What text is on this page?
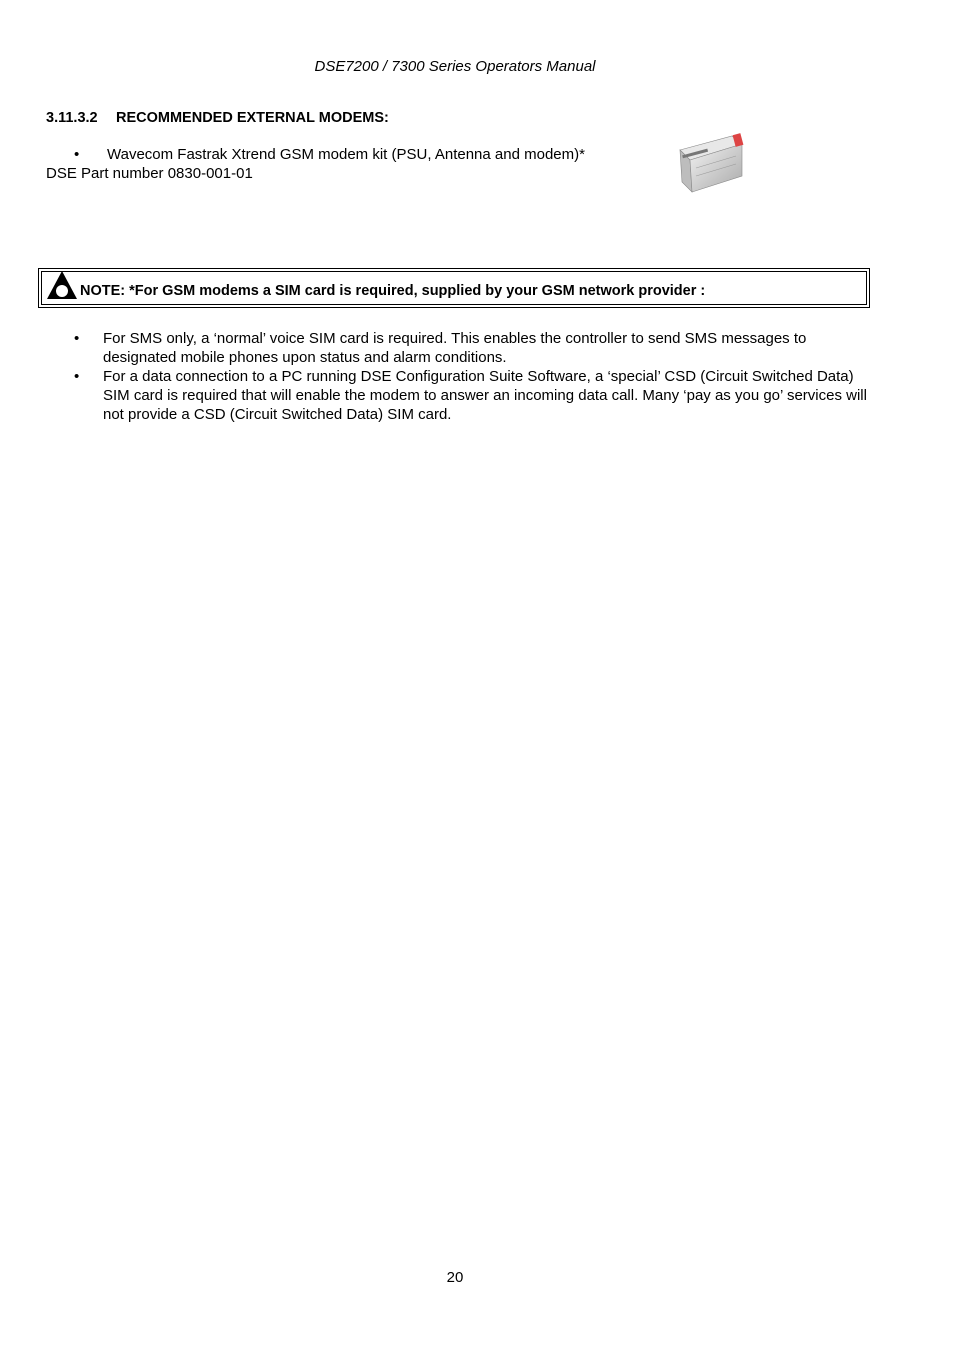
DSE7200 / 7300 Series Operators Manual
3.11.3.2 RECOMMENDED EXTERNAL MODEMS:
• Wavecom Fastrak Xtrend GSM modem kit (PSU, Antenna and modem)*
DSE Part number 0830-001-01
NOTE: *For GSM modems a SIM card is required, supplied by your GSM network provider :
• For SMS only, a ‘normal’ voice SIM card is required. This enables the controller to send SMS messages to designated mobile phones upon status and alarm conditions.
• For a data connection to a PC running DSE Configuration Suite Software, a ‘special’ CSD (Circuit Switched Data) SIM card is required that will enable the modem to answer an incoming data call. Many ‘pay as you go’ services will not provide a CSD (Circuit Switched Data) SIM card.
20
